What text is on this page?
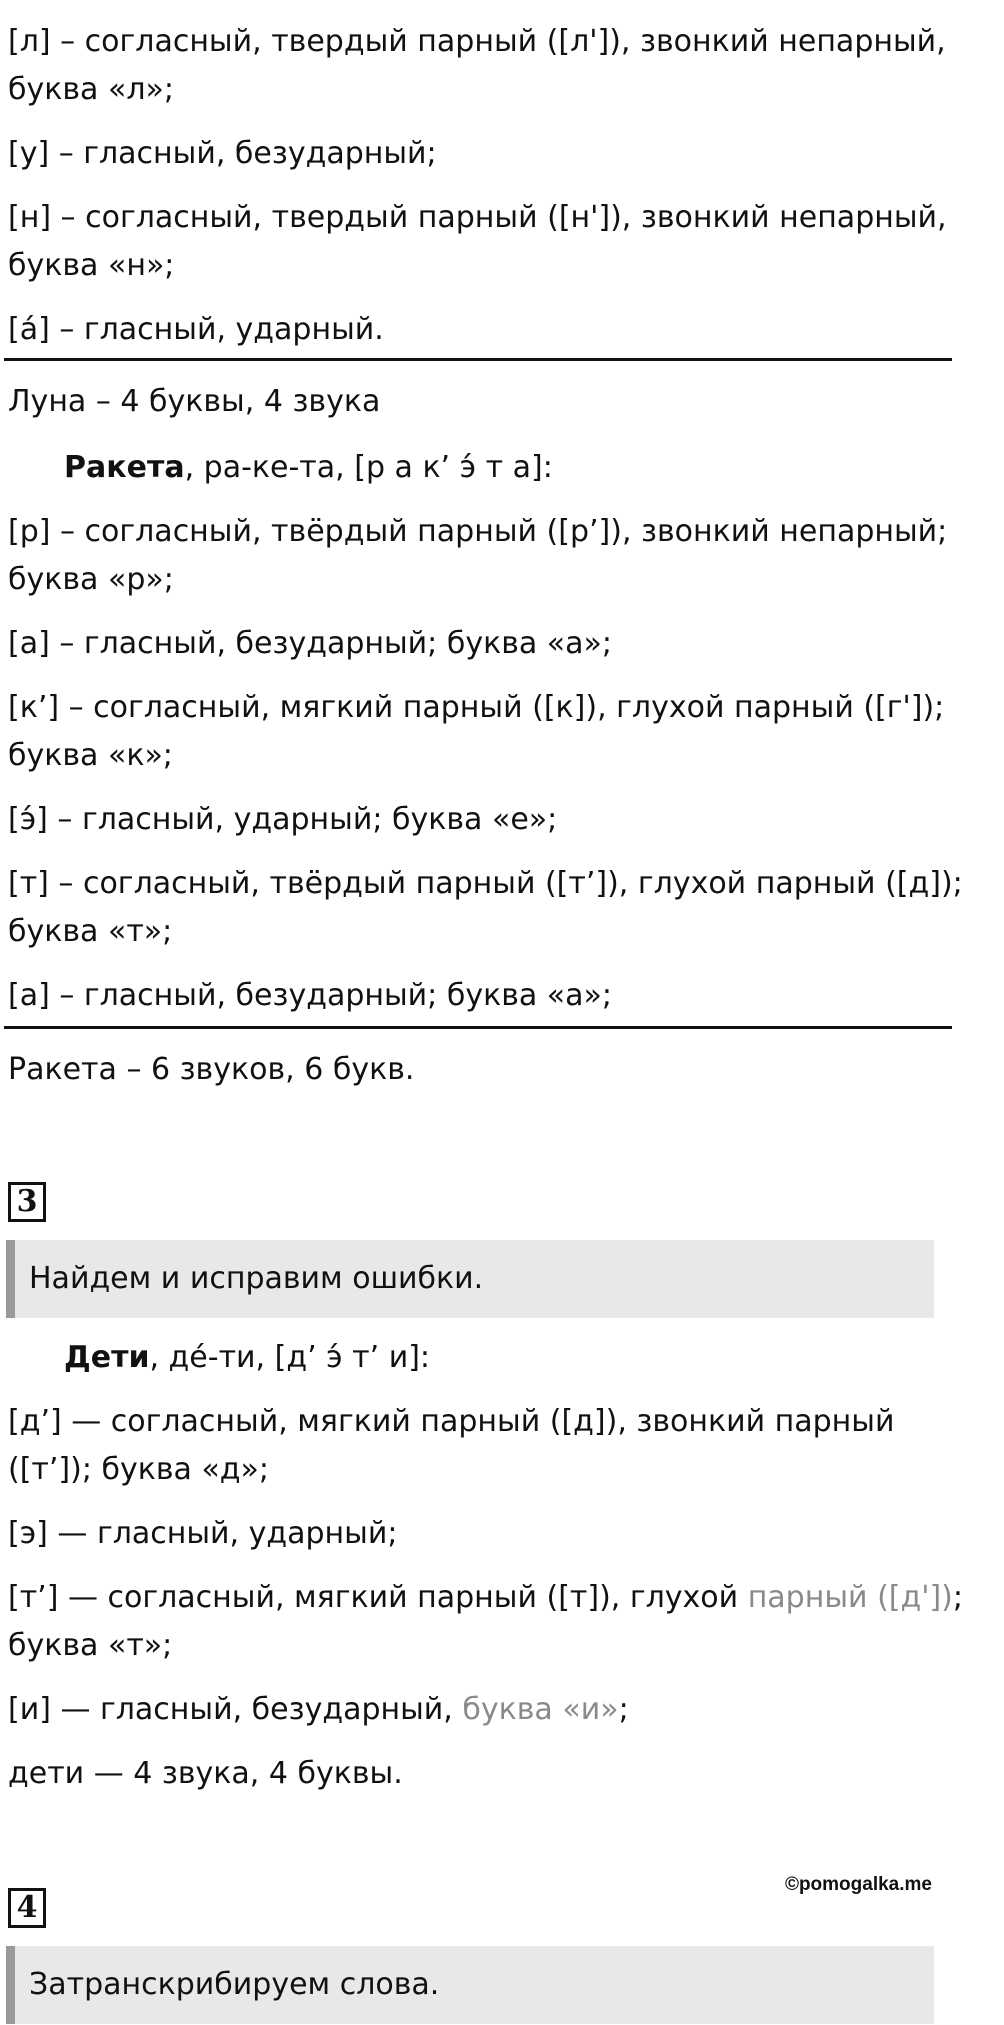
[л] – согласный, твердый парный ([л']), звонкий непарный,
буква «л»;
[у] – гласный, безударный;
[н] – согласный, твердый парный ([н']), звонкий непарный,
буква «н»;
[а́] – гласный, ударный.
Луна – 4 буквы, 4 звука
Ракета, ра-ке-та, [р а к’ э́ т а]:
[р] – согласный, твёрдый парный ([р’]), звонкий непарный;
буква «р»;
[а] – гласный, безударный; буква «а»;
[к’] – согласный, мягкий парный ([к]), глухой парный ([г']);
буква «к»;
[э́] – гласный, ударный; буква «е»;
[т] – согласный, твёрдый парный ([т’]), глухой парный ([д]);
буква «т»;
[а] – гласный, безударный; буква «а»;
Ракета – 6 звуков, 6 букв.
3
Найдем и исправим ошибки.
Дети, де́-ти, [д’ э́ т’ и]:
[д’] — согласный, мягкий парный ([д]), звонкий парный
([т’]); буква «д»;
[э] — гласный, ударный;
[т’] — согласный, мягкий парный ([т]), глухой парный ([д']);
буква «т»;
[и] — гласный, безударный, буква «и»;
дети — 4 звука, 4 буквы.
©pomogalka.me
4
Затранскрибируем слова.
